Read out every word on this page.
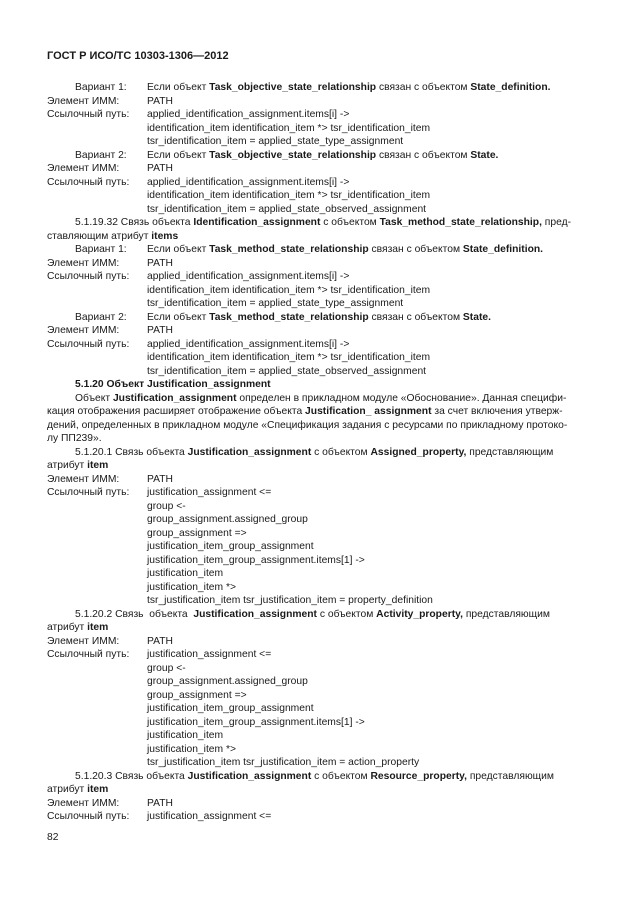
ГОСТ Р ИСО/ТС 10303-1306—2012
Вариант 1: Если объект Task_objective_state_relationship связан с объектом State_definition.
Элемент ИММ:	PATH
Ссылочный путь: applied_identification_assignment.items[i] ->
identification_item identification_item *> tsr_identification_item
tsr_identification_item = applied_state_type_assignment
Вариант 2: Если объект Task_objective_state_relationship связан с объектом State.
Элемент ИММ:	PATH
Ссылочный путь: applied_identification_assignment.items[i] ->
identification_item identification_item *> tsr_identification_item
tsr_identification_item = applied_state_observed_assignment
5.1.19.32 Связь объекта Identification_assignment с объектом Task_method_state_relationship, пред-
ставляющим атрибут items
Вариант 1: Если объект Task_method_state_relationship связан с объектом State_definition.
Элемент ИММ:	PATH
Ссылочный путь: applied_identification_assignment.items[i] ->
identification_item identification_item *> tsr_identification_item
tsr_identification_item = applied_state_type_assignment
Вариант 2: Если объект Task_method_state_relationship связан с объектом State.
Элемент ИММ:	PATH
Ссылочный путь: applied_identification_assignment.items[i] ->
identification_item identification_item *> tsr_identification_item
tsr_identification_item = applied_state_observed_assignment
5.1.20 Объект Justification_assignment
Объект Justification_assignment определен в прикладном модуле «Обоснование». Данная специфи-
кация отображения расширяет отображение объекта Justification_ assignment за счет включения утверж-
дений, определенных в прикладном модуле «Спецификация задания с ресурсами по прикладному протоко-
лу ПП239».
5.1.20.1 Связь объекта Justification_assignment с объектом Assigned_property, представляющим
атрибут item
Элемент ИММ:	PATH
Ссылочный путь: justification_assignment <=
group <-
group_assignment.assigned_group
group_assignment =>
justification_item_group_assignment
justification_item_group_assignment.items[1] ->
justification_item
justification_item *>
tsr_justification_item tsr_justification_item = property_definition
5.1.20.2 Связь  объекта  Justification_assignment с объектом Activity_property, представляющим
атрибут item
Элемент ИММ:	PATH
Ссылочный путь: justification_assignment <=
group <-
group_assignment.assigned_group
group_assignment =>
justification_item_group_assignment
justification_item_group_assignment.items[1] ->
justification_item
justification_item *>
tsr_justification_item tsr_justification_item = action_property
5.1.20.3 Связь объекта Justification_assignment с объектом Resource_property, представляющим
атрибут item
Элемент ИММ:	PATH
Ссылочный путь: justification_assignment <=
82
